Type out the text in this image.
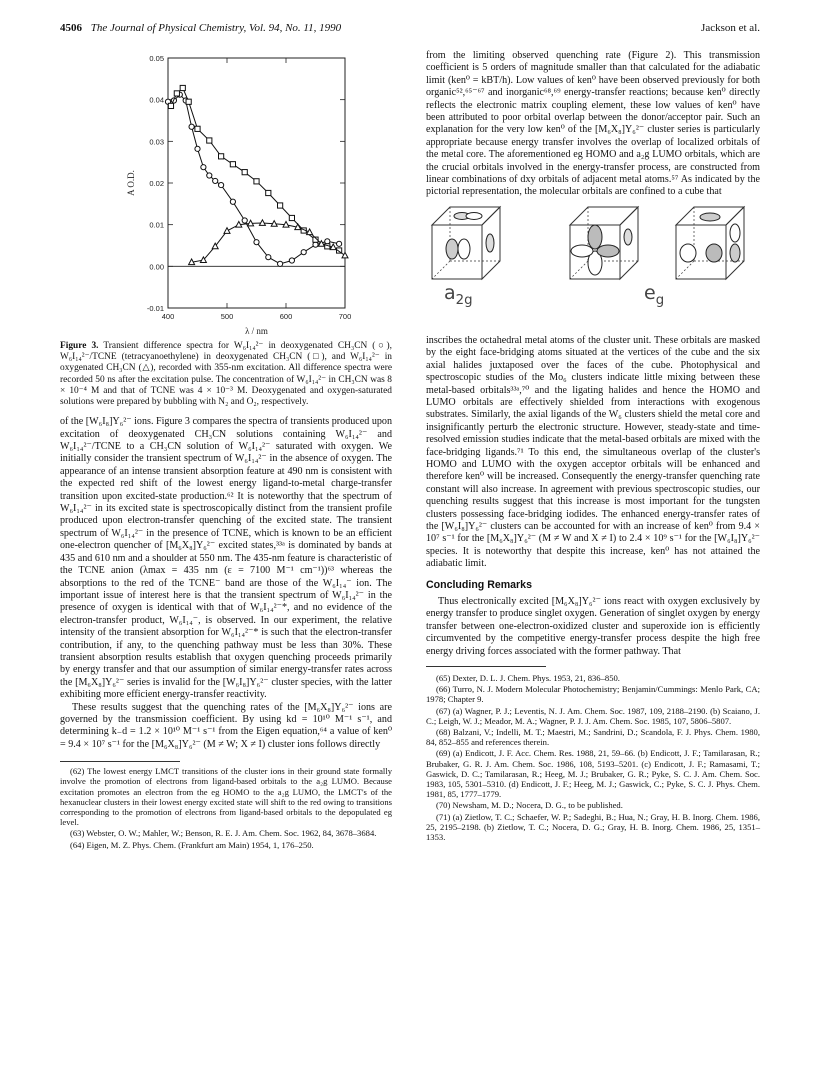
4506 The Journal of Physical Chemistry, Vol. 94, No. 11, 1990	Jackson et al.
-0.01
0.00
0.01
0.02
0.03
0.04
0.05
400	500	600	700
λ / nm
A O.D.
Figure 3. Transient difference spectra for W₆I₁₄²⁻ in deoxygenated CH₃CN (○), W₆I₁₄²⁻/TCNE (tetracyanoethylene) in deoxygenated CH₃CN (□), and W₆I₁₄²⁻ in oxygenated CH₃CN (△), recorded with 355-nm excitation. All difference spectra were recorded 50 ns after the excitation pulse. The concentration of W₆I₁₄²⁻ in CH₃CN was 8 × 10⁻⁴ M and that of TCNE was 4 × 10⁻³ M. Deoxygenated and oxygen-saturated solutions were prepared by bubbling with N₂ and O₂, respectively.

of the [W₆I₈]Y₆²⁻ ions. Figure 3 compares the spectra of transients produced upon excitation of deoxygenated CH₃CN solutions containing W₆I₁₄²⁻ and W₆I₁₄²⁻/TCNE to a CH₃CN solution of W₆I₁₄²⁻ saturated with oxygen. We initially consider the transient spectrum of W₆I₁₄²⁻ in the absence of oxygen. The appearance of an intense transient absorption feature at 490 nm is consistent with the expected red shift of the lowest energy ligand-to-metal charge-transfer transition upon excited-state production.⁶² It is noteworthy that the spectrum of W₆I₁₄²⁻ in its excited state is spectroscopically distinct from the transient profile produced upon electron-transfer quenching of the excited state. The transient spectrum of W₆I₁₄²⁻ in the presence of TCNE, which is known to be an efficient one-electron quencher of [M₆X₈]Y₆²⁻ excited states,³³ᵃ is dominated by bands at 435 and 610 nm and a shoulder at 550 nm. The 435-nm feature is characteristic of the TCNE anion (λmax = 435 nm (ε = 7100 M⁻¹ cm⁻¹))⁶³ whereas the absorptions to the red of the TCNE⁻ band are those of the W₆I₁₄⁻ ion. The important issue of interest here is that the transient spectrum of W₆I₁₄²⁻ in the presence of oxygen is identical with that of W₆I₁₄²⁻*, and no evidence of the electron-transfer product, W₆I₁₄⁻, is observed. In our experiment, the relative intensity of the transient absorption for W₆I₁₄²⁻* is such that the electron-transfer contribution, if any, to the quenching pathway must be less than 30%. These transient absorption results establish that oxygen quenching proceeds primarily by energy transfer and that our assumption of similar energy-transfer rates across the [M₆X₈]Y₆²⁻ series is invalid for the [W₆I₈]Y₆²⁻ cluster species, with the latter exhibiting more efficient energy-transfer reactivity.

These results suggest that the quenching rates of the [M₆X₈]Y₆²⁻ ions are governed by the transmission coefficient. By using kd = 10¹⁰ M⁻¹ s⁻¹, and determining k₋d = 1.2 × 10¹⁰ M⁻¹ s⁻¹ from the Eigen equation,⁶⁴ a value of ken⁰ = 9.4 × 10⁷ s⁻¹ for the [M₆X₈]Y₆²⁻ (M ≠ W; X ≠ I) cluster ions follows directly

(62) The lowest energy LMCT transitions of the cluster ions in their ground state formally involve the promotion of electrons from ligand-based orbitals to the a₂g LUMO. Because excitation promotes an electron from the eg HOMO to the a₂g LUMO, the LMCT's of the hexanuclear clusters in their lowest energy excited state will shift to the red owing to transitions corresponding to the promotion of electrons from ligand-based orbitals to the depopulated eg level.

(63) Webster, O. W.; Mahler, W.; Benson, R. E. J. Am. Chem. Soc. 1962, 84, 3678–3684.

(64) Eigen, M. Z. Phys. Chem. (Frankfurt am Main) 1954, 1, 176–250.

from the limiting observed quenching rate (Figure 2). This transmission coefficient is 5 orders of magnitude smaller than that calculated for the adiabatic limit (ken⁰ = kBT/h). Low values of ken⁰ have been observed previously for both organic⁵²,⁶⁵⁻⁶⁷ and inorganic⁶⁸,⁶⁹ energy-transfer reactions; because ken⁰ directly reflects the electronic matrix coupling element, these low values of ken⁰ have been attributed to poor orbital overlap between the donor/acceptor pair. Such an explanation for the very low ken⁰ of the [M₆X₈]Y₆²⁻ cluster series is particularly appropriate because energy transfer involves the overlap of localized orbitals of the metal core. The aforementioned eg HOMO and a₂g LUMO orbitals, which are the crucial orbitals involved in the energy-transfer process, are constructed from linear combinations of dxy orbitals of adjacent metal atoms.⁵⁷ As indicated by the pictorial representation, the molecular orbitals are confined to a cube that

$a_{2g}$	$e_g$

inscribes the octahedral metal atoms of the cluster unit. These orbitals are masked by the eight face-bridging atoms situated at the vertices of the cube and the six axial halides juxtaposed over the faces of the cube. Photophysical and spectroscopic studies of the Mo₆ clusters indicate little mixing between these metal-based orbitals³³ᵃ,⁷⁰ and the ligating halides and hence the HOMO and LUMO orbitals are effectively shielded from interactions with exogenous substrates. Similarly, the axial ligands of the W₆ clusters shield the metal core and insignificantly perturb the electronic structure. However, steady-state and time-resolved emission studies indicate that the metal-based orbitals are mixed with the face-bridging ligands.⁷¹ To this end, the simultaneous overlap of the cluster's HOMO and LUMO with the oxygen acceptor orbitals will be enhanced and therefore ken⁰ will be increased. Consequently the energy-transfer quenching rate constant will also increase. In agreement with previous spectroscopic studies, our quenching results suggest that this increase is most important for the tungsten clusters possessing face-bridging iodides. The enhanced energy-transfer rates of the [W₆I₈]Y₆²⁻ clusters can be accounted for with an increase of ken⁰ from 9.4 × 10⁷ s⁻¹ for the [M₆X₈]Y₆²⁻ (M ≠ W and X ≠ I) to 2.4 × 10⁹ s⁻¹ for the [W₆I₈]Y₆²⁻ species. It is noteworthy that despite this increase, ken⁰ has not attained the adiabatic limit.

Concluding Remarks

Thus electronically excited [M₆X₈]Y₆²⁻ ions react with oxygen exclusively by energy transfer to produce singlet oxygen. Generation of singlet oxygen by energy transfer between one-electron-oxidized cluster and superoxide ion is efficiently circumvented by the competitive energy-transfer process despite the high free energy driving forces associated with the former pathway. That

(65) Dexter, D. L. J. Chem. Phys. 1953, 21, 836–850.

(66) Turro, N. J. Modern Molecular Photochemistry; Benjamin/Cummings: Menlo Park, CA; 1978; Chapter 9.

(67) (a) Wagner, P. J.; Leventis, N. J. Am. Chem. Soc. 1987, 109, 2188–2190. (b) Scaiano, J. C.; Leigh, W. J.; Meador, M. A.; Wagner, P. J. J. Am. Chem. Soc. 1985, 107, 5806–5807.

(68) Balzani, V.; Indelli, M. T.; Maestri, M.; Sandrini, D.; Scandola, F. J. Phys. Chem. 1980, 84, 852–855 and references therein.

(69) (a) Endicott, J. F. Acc. Chem. Res. 1988, 21, 59–66. (b) Endicott, J. F.; Tamilarasan, R.; Brubaker, G. R. J. Am. Chem. Soc. 1986, 108, 5193–5201. (c) Endicott, J. F.; Ramasami, T.; Gaswick, D. C.; Tamilarasan, R.; Heeg, M. J.; Brubaker, G. R.; Pyke, S. C. J. Am. Chem. Soc. 1983, 105, 5301–5310. (d) Endicott, J. F.; Heeg, M. J.; Gaswick, C.; Pyke, S. C. J. Phys. Chem. 1981, 85, 1777–1779.

(70) Newsham, M. D.; Nocera, D. G., to be published.

(71) (a) Zietlow, T. C.; Schaefer, W. P.; Sadeghi, B.; Hua, N.; Gray, H. B. Inorg. Chem. 1986, 25, 2195–2198. (b) Zietlow, T. C.; Nocera, D. G.; Gray, H. B. Inorg. Chem. 1986, 25, 1351–1353.
